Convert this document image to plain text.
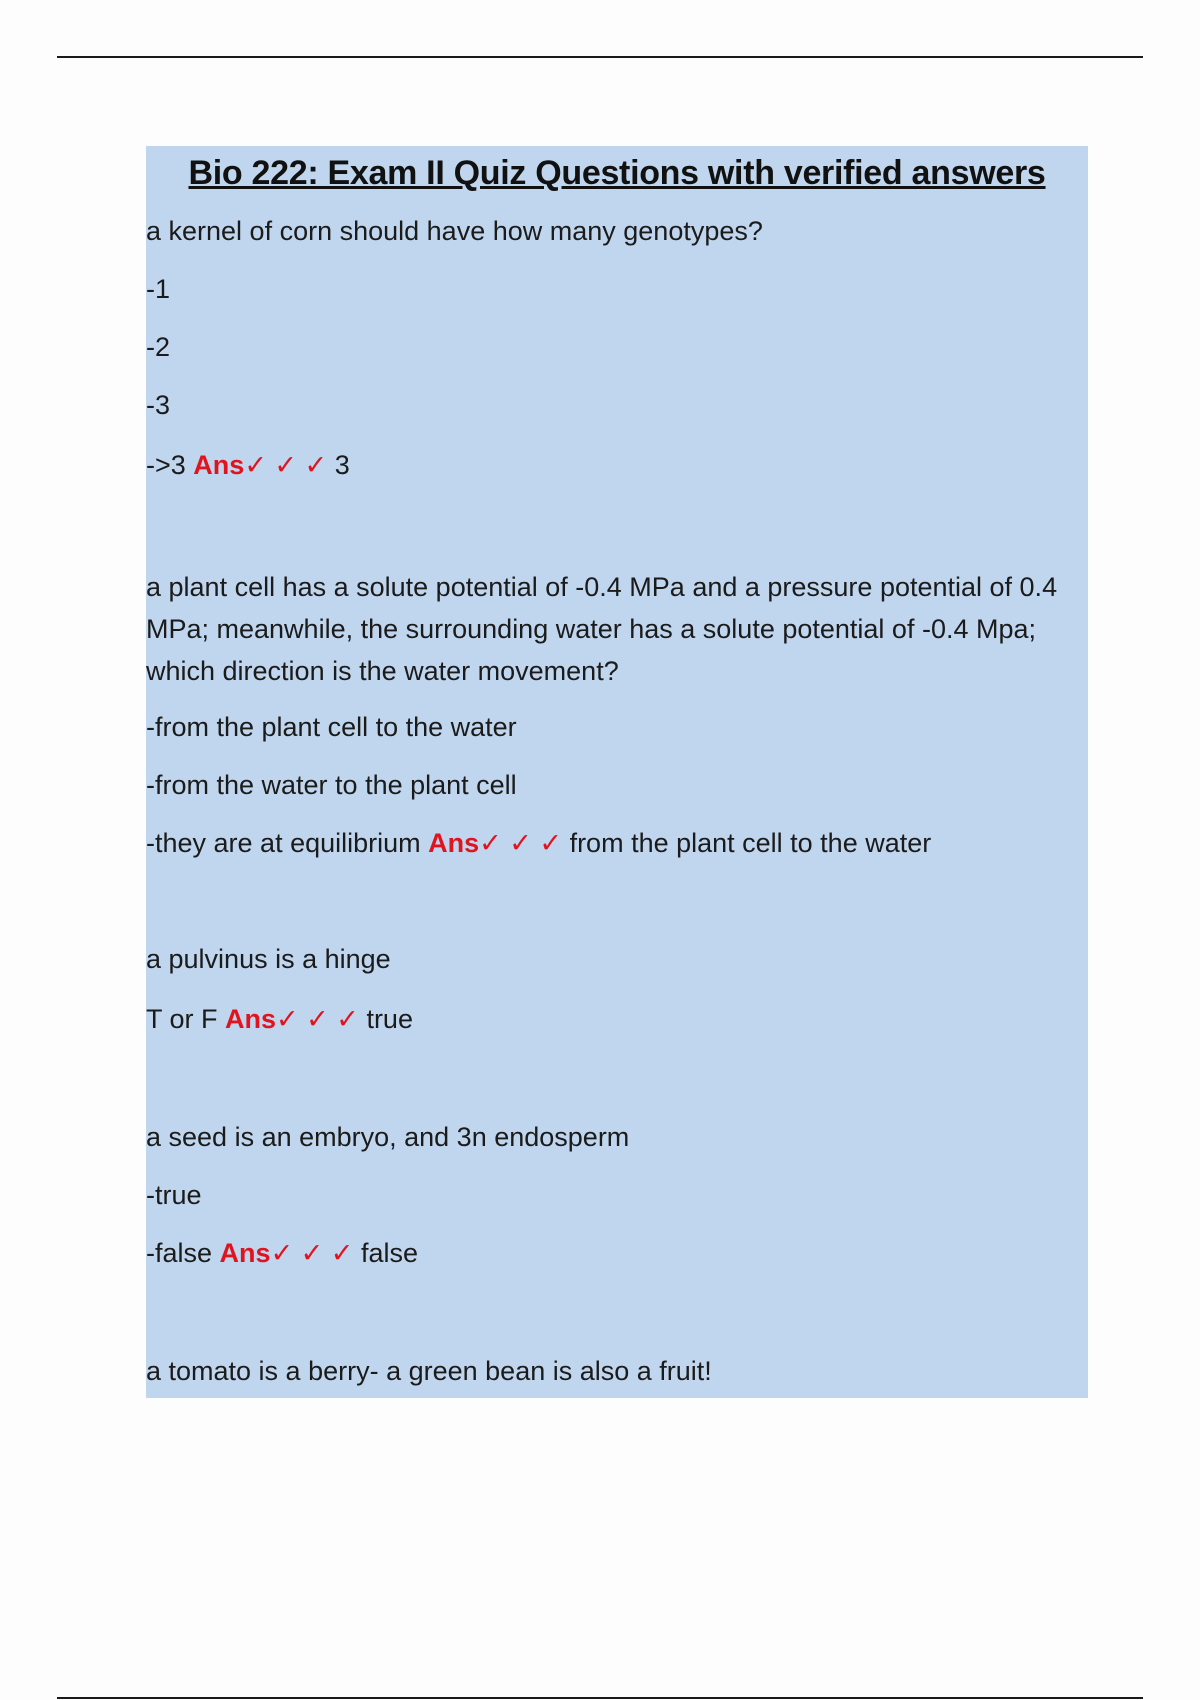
Bio 222: Exam II Quiz Questions with verified answers
a kernel of corn should have how many genotypes?
-1
-2
-3
->3 Ans✓ ✓ ✓ 3
a plant cell has a solute potential of -0.4 MPa and a pressure potential of 0.4 MPa; meanwhile, the surrounding water has a solute potential of -0.4 Mpa; which direction is the water movement?
-from the plant cell to the water
-from the water to the plant cell
-they are at equilibrium Ans✓ ✓ ✓ from the plant cell to the water
a pulvinus is a hinge
T or F Ans✓ ✓ ✓ true
a seed is an embryo, and 3n endosperm
-true
-false Ans✓ ✓ ✓ false
a tomato is a berry- a green bean is also a fruit!
